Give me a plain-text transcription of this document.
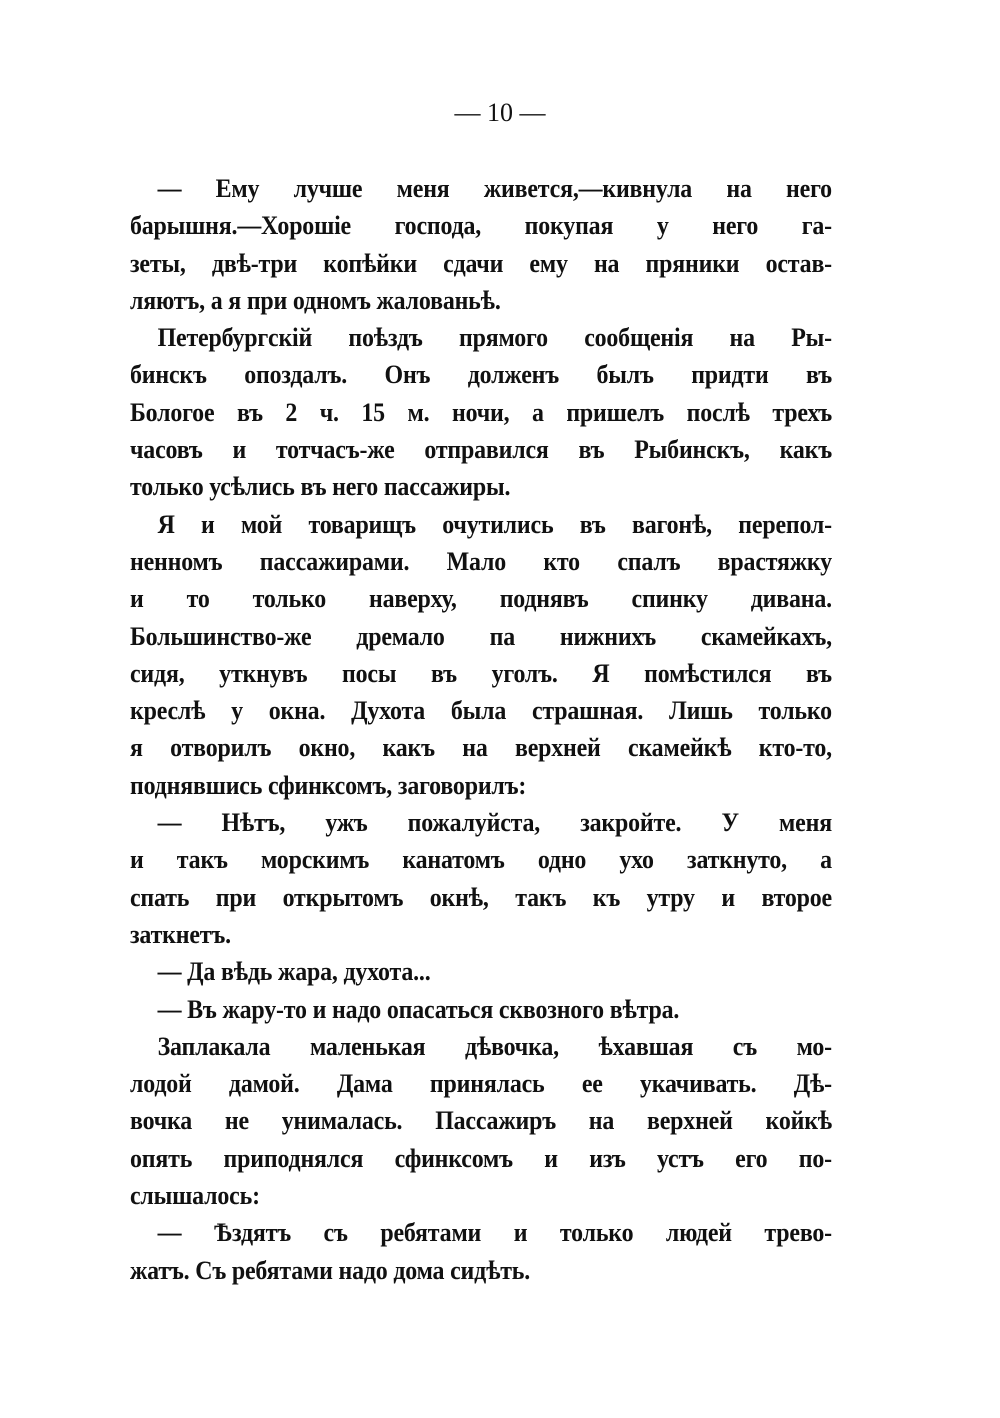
— 10 —
— Ему лучше меня живется,—кивнула на него
барышня.—Хорошіе господа, покупая у него га-
зеты, двѣ-три копѣйки сдачи ему на пряники остав-
ляютъ, а я при одномъ жалованьѣ.
Петербургскій поѣздъ прямого сообщенія на Ры-
бинскъ опоздалъ. Онъ долженъ былъ придти въ
Бологое въ 2 ч. 15 м. ночи, а пришелъ послѣ трехъ
часовъ и тотчасъ-же отправился въ Рыбинскъ, какъ
только усѣлись въ него пассажиры.
Я и мой товарищъ очутились въ вагонѣ, перепол-
ненномъ пассажирами. Мало кто спалъ врастяжку
и то только наверху, поднявъ спинку дивана.
Большинство-же дремало па нижнихъ скамейкахъ,
сидя, уткнувъ посы въ уголъ. Я помѣстился въ
креслѣ у окна. Духота была страшная. Лишь только
я отворилъ окно, какъ на верхней скамейкѣ кто-то,
поднявшись сфинксомъ, заговорилъ:
— Нѣтъ, ужъ пожалуйста, закройте. У меня
и такъ морскимъ канатомъ одно ухо заткнуто, а
спать при открытомъ окнѣ, такъ къ утру и второе
заткнетъ.
— Да вѣдь жара, духота...
— Въ жару-то и надо опасаться сквозного вѣтра.
Заплакала маленькая дѣвочка, ѣхавшая съ мо-
лодой дамой. Дама принялась ее укачивать. Дѣ-
вочка не унималась. Пассажиръ на верхней койкѣ
опять приподнялся сфинксомъ и изъ устъ его по-
слышалось:
— Ѣздятъ съ ребятами и только людей трево-
жатъ. Съ ребятами надо дома сидѣть.
